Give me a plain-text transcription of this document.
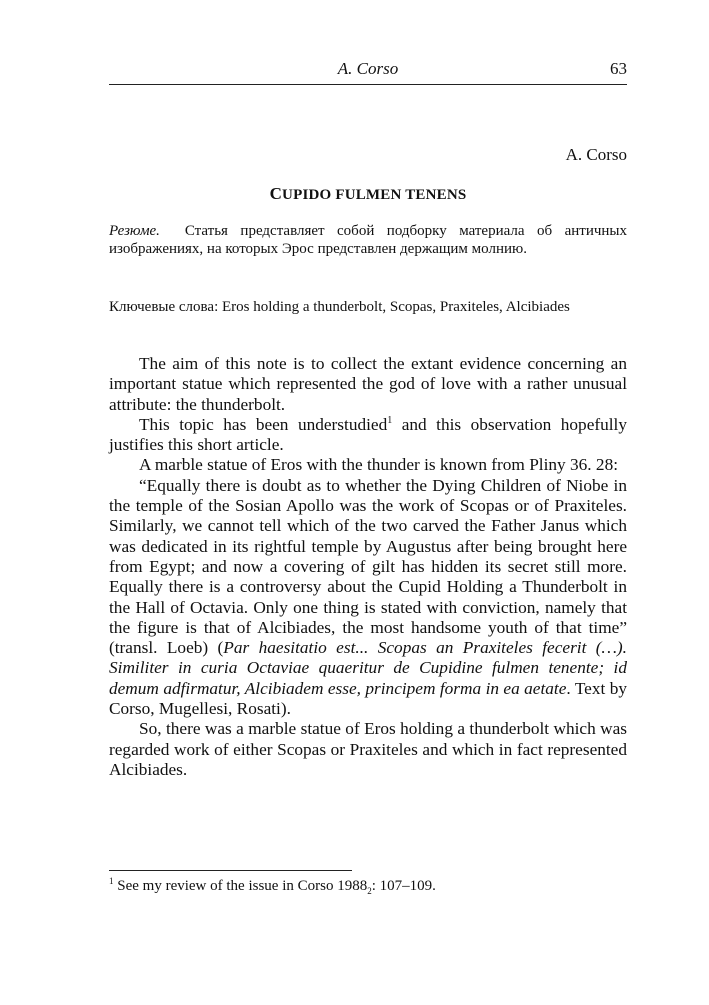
A. Corso	63
A. Corso
CUPIDO FULMEN TENENS
Резюме. Статья представляет собой подборку материала об античных изображениях, на которых Эрос представлен держащим молнию.
Ключевые слова: Eros holding a thunderbolt, Scopas, Praxiteles, Alcibiades

The aim of this note is to collect the extant evidence concerning an important statue which represented the god of love with a rather unusual attribute: the thunderbolt.

This topic has been understudied$^1$ and this observation hopefully justifies this short article.

A marble statue of Eros with the thunder is known from Pliny 36. 28:

“Equally there is doubt as to whether the Dying Children of Niobe in the temple of the Sosian Apollo was the work of Scopas or of Praxiteles. Similarly, we cannot tell which of the two carved the Father Janus which was dedicated in its rightful temple by Augustus after being brought here from Egypt; and now a covering of gilt has hidden its secret still more. Equally there is a controversy about the Cupid Holding a Thunderbolt in the Hall of Octavia. Only one thing is stated with conviction, namely that the figure is that of Alcibiades, the most handsome youth of that time” (transl. Loeb) (Par haesitatio est... Scopas an Praxiteles fecerit (…). Similiter in curia Octaviae quaeritur de Cupidine fulmen tenente; id demum adfirmatur, Alcibiadem esse, principem forma in ea aetate. Text by Corso, Mugellesi, Rosati).

So, there was a marble statue of Eros holding a thunderbolt which was regarded work of either Scopas or Praxiteles and which in fact represented Alcibiades.

$^1$ See my review of the issue in Corso $1988_2$: 107–109.
